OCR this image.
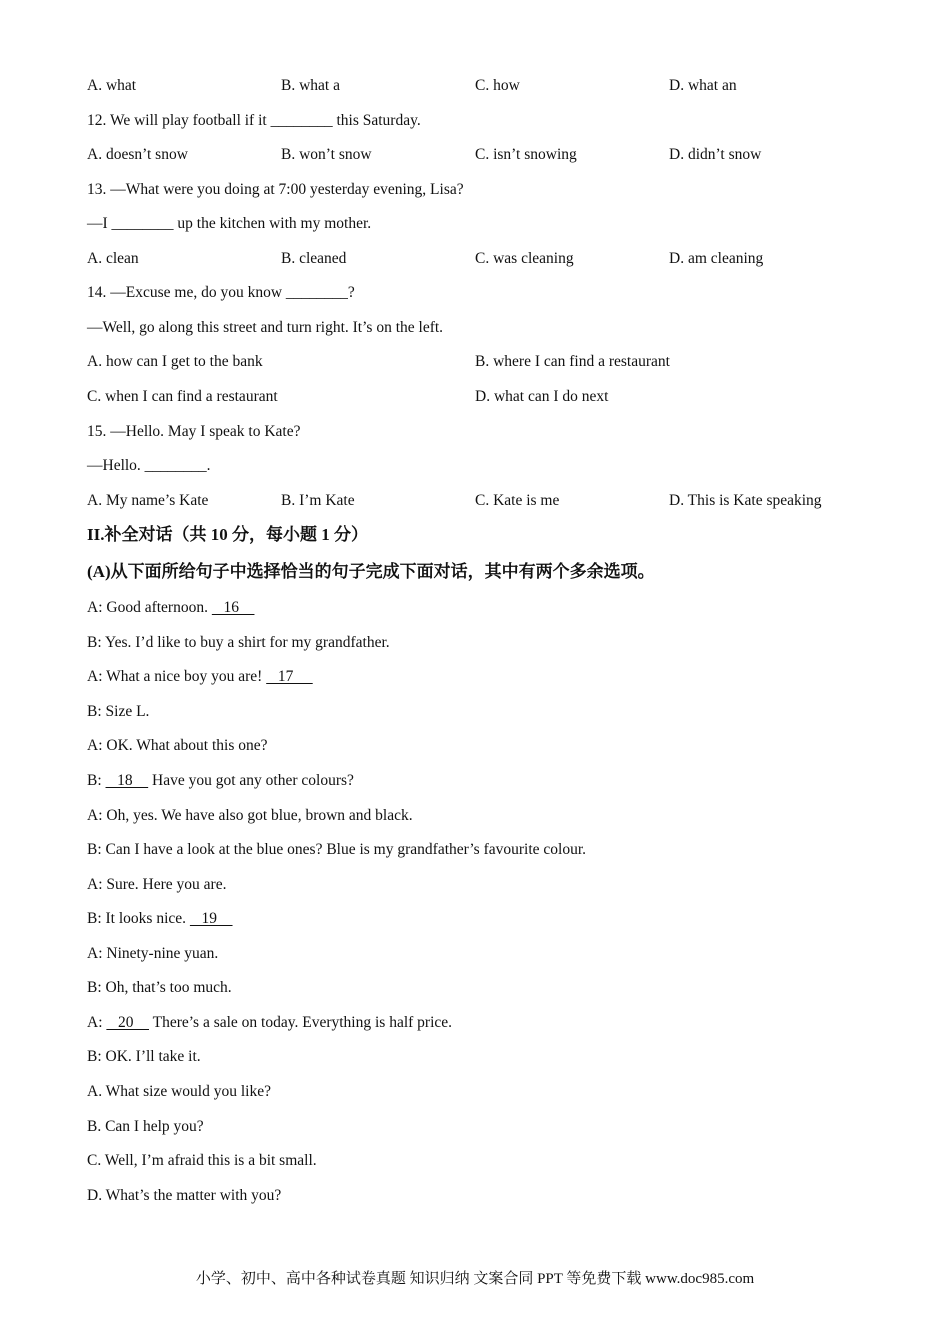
A. what	B. what a	C. how	D. what an
12. We will play football if it ________ this Saturday.
A. doesn’t snow	B. won’t snow	C. isn’t snowing	D. didn’t snow
13. —What were you doing at 7:00 yesterday evening, Lisa?
—I ________ up the kitchen with my mother.
A. clean	B. cleaned	C. was cleaning	D. am cleaning
14. —Excuse me, do you know ________?
—Well, go along this street and turn right. It’s on the left.
A. how can I get to the bank	B. where I can find a restaurant
C. when I can find a restaurant	D. what can I do next
15. —Hello. May I speak to Kate?
—Hello. ________.
A. My name’s Kate	B. I’m Kate	C. Kate is me	D. This is Kate speaking
II.补全对话（共 10 分，每小题 1 分）
(A)从下面所给句子中选择恰当的句子完成下面对话，其中有两个多余选项。
A: Good afternoon.    16
B: Yes. I’d like to buy a shirt for my grandfather.
A: What a nice boy you are!    17
B: Size L.
A: OK. What about this one?
B:    18     Have you got any other colours?
A: Oh, yes. We have also got blue, brown and black.
B: Can I have a look at the blue ones? Blue is my grandfather’s favourite colour.
A: Sure. Here you are.
B: It looks nice.    19
A: Ninety-nine yuan.
B: Oh, that’s too much.
A:    20     There’s a sale on today. Everything is half price.
B: OK. I’ll take it.
A. What size would you like?
B. Can I help you?
C. Well, I’m afraid this is a bit small.
D. What’s the matter with you?
小学、初中、高中各种试卷真题 知识归纳 文案合同 PPT 等免费下载 www.doc985.com
